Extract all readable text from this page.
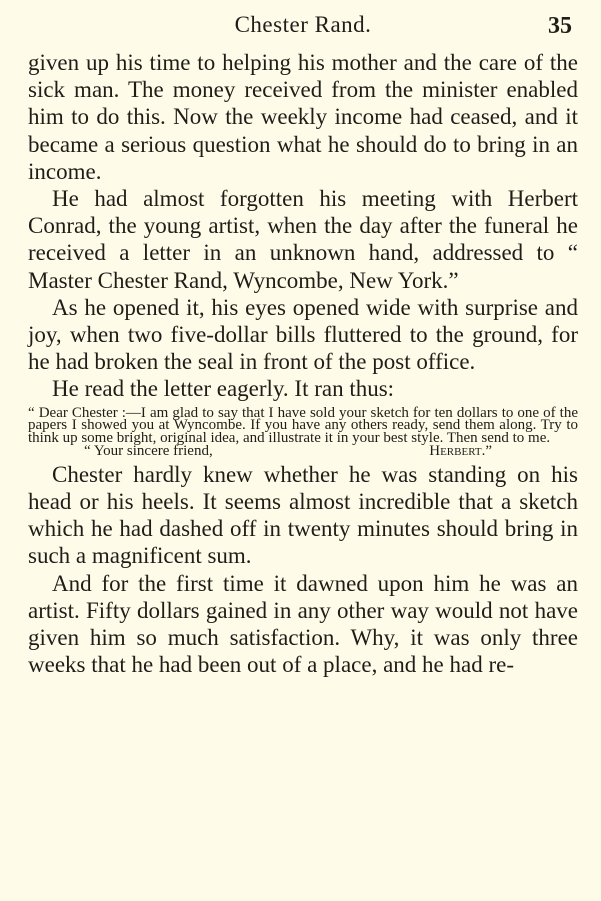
Chester Rand.	35

given up his time to helping his mother and the care of the sick man. The money received from the minister enabled him to do this. Now the weekly income had ceased, and it became a serious question what he should do to bring in an income.

He had almost forgotten his meeting with Herbert Conrad, the young artist, when the day after the funeral he received a letter in an unknown hand, addressed to “ Master Chester Rand, Wyncombe, New York.”

As he opened it, his eyes opened wide with surprise and joy, when two five-dollar bills fluttered to the ground, for he had broken the seal in front of the post office.

He read the letter eagerly. It ran thus:

“ Dear Chester :—I am glad to say that I have sold your sketch for ten dollars to one of the papers I showed you at Wyncombe. If you have any others ready, send them along. Try to think up some bright, original idea, and illustrate it in your best style. Then send to me.

“ Your sincere friend,	Herbert.”

Chester hardly knew whether he was standing on his head or his heels. It seems almost incredible that a sketch which he had dashed off in twenty minutes should bring in such a magnificent sum.

And for the first time it dawned upon him he was an artist. Fifty dollars gained in any other way would not have given him so much satisfaction. Why, it was only three weeks that he had been out of a place, and he had re-
